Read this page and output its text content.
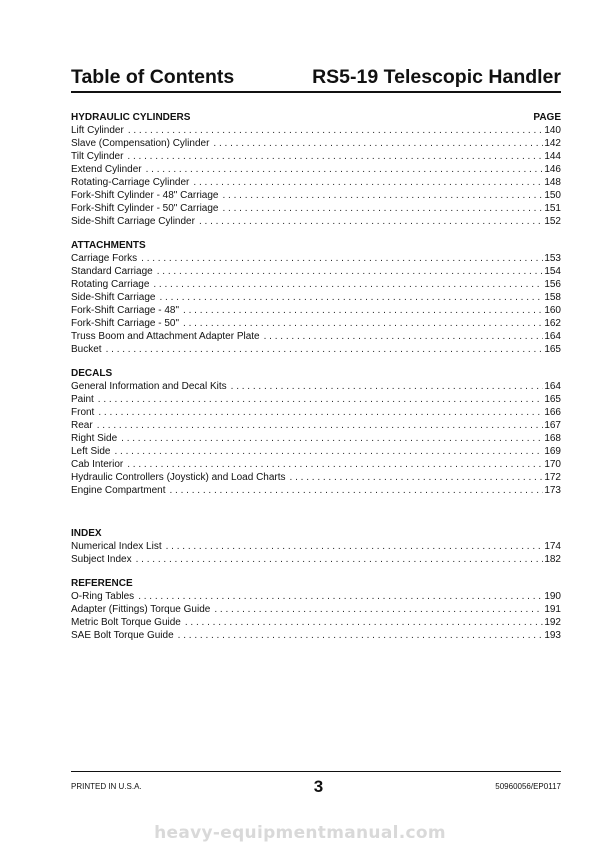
Table of Contents	RS5-19 Telescopic Handler
HYDRAULIC CYLINDERS	PAGE
Lift Cylinder . . .	140
Slave (Compensation) Cylinder . . .	142
Tilt Cylinder . . .	144
Extend Cylinder . . .	146
Rotating-Carriage Cylinder . . .	148
Fork-Shift Cylinder - 48" Carriage . . .	150
Fork-Shift Cylinder - 50" Carriage . . .	151
Side-Shift Carriage Cylinder . . .	152
ATTACHMENTS
Carriage Forks . . .	153
Standard Carriage . . .	154
Rotating Carriage . . .	156
Side-Shift Carriage . . .	158
Fork-Shift Carriage - 48" . . .	160
Fork-Shift Carriage - 50" . . .	162
Truss Boom and Attachment Adapter Plate . . .	164
Bucket . . .	165
DECALS
General Information and Decal Kits . . .	164
Paint . . .	165
Front . . .	166
Rear . . .	167
Right Side . . .	168
Left Side . . .	169
Cab Interior . . .	170
Hydraulic Controllers (Joystick) and Load Charts . . .	172
Engine Compartment . . .	173
INDEX
Numerical Index List . . .	174
Subject Index . . .	182
REFERENCE
O-Ring Tables . . .	190
Adapter (Fittings) Torque Guide . . .	191
Metric Bolt Torque Guide . . .	192
SAE Bolt Torque Guide . . .	193
PRINTED IN U.S.A.	3	50960056/EP0117
heavy-equipmentmanual.com
